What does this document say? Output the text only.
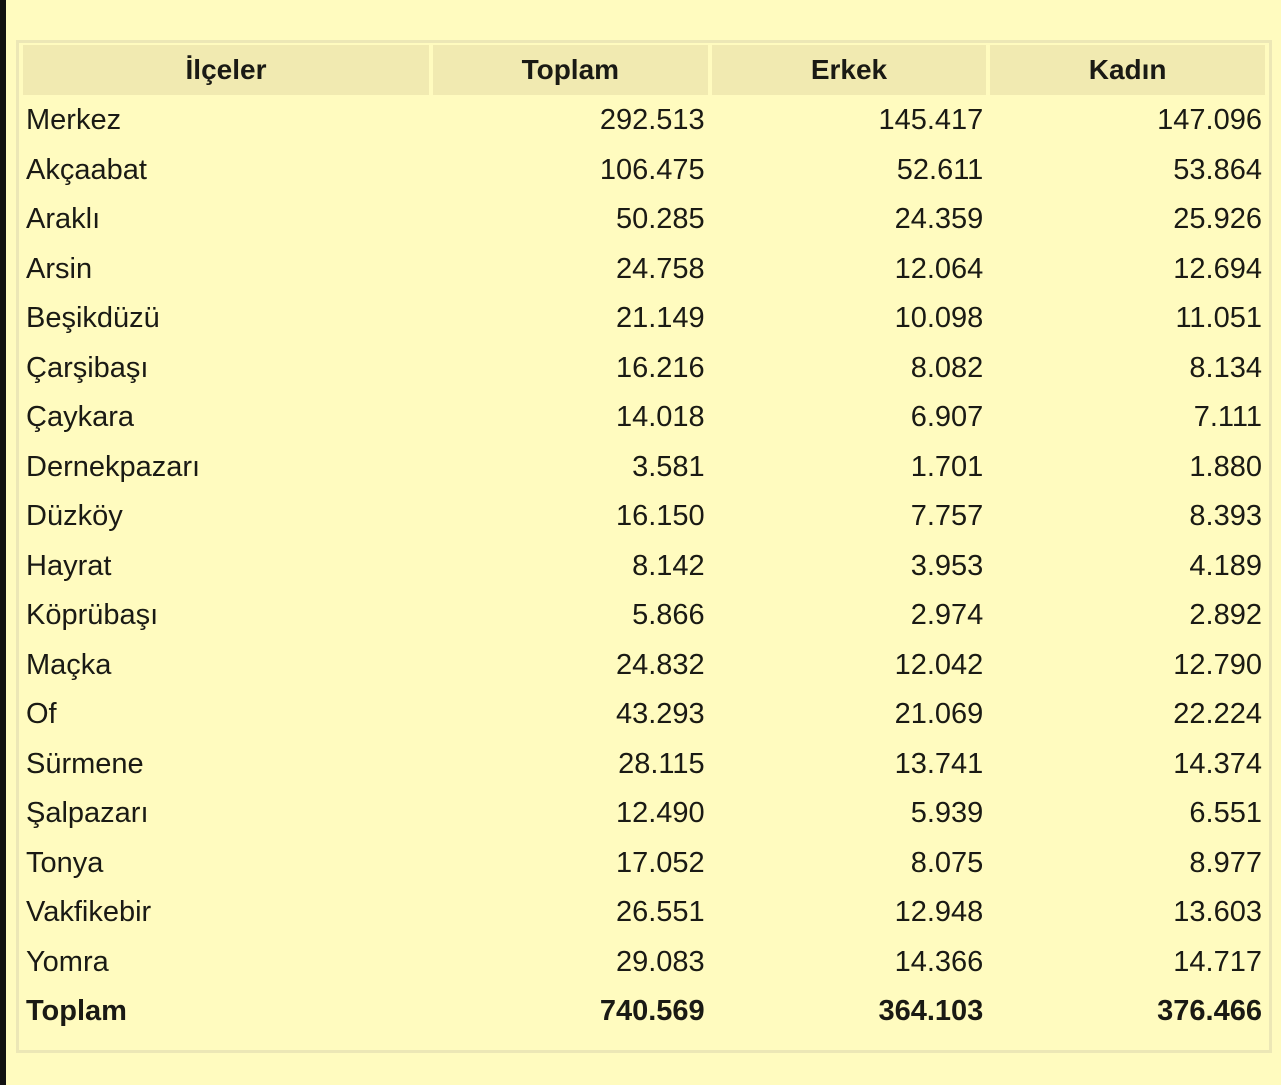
İlçeler	Toplam	Erkek	Kadın
Merkez	292.513	145.417	147.096
Akçaabat	106.475	52.611	53.864
Araklı	50.285	24.359	25.926
Arsin	24.758	12.064	12.694
Beşikdüzü	21.149	10.098	11.051
Çarşibaşı	16.216	8.082	8.134
Çaykara	14.018	6.907	7.111
Dernekpazarı	3.581	1.701	1.880
Düzköy	16.150	7.757	8.393
Hayrat	8.142	3.953	4.189
Köprübaşı	5.866	2.974	2.892
Maçka	24.832	12.042	12.790
Of	43.293	21.069	22.224
Sürmene	28.115	13.741	14.374
Şalpazarı	12.490	5.939	6.551
Tonya	17.052	8.075	8.977
Vakfikebir	26.551	12.948	13.603
Yomra	29.083	14.366	14.717
Toplam	740.569	364.103	376.466
